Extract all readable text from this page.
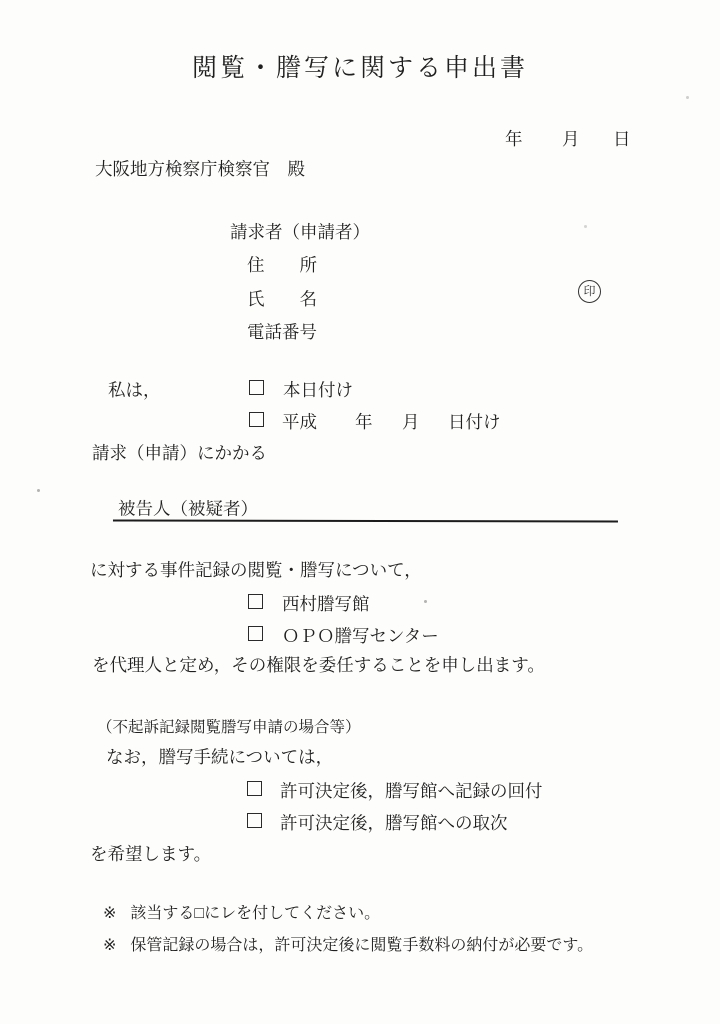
閲覧・謄写に関する申出書
年 月 日
大阪地方検察庁検察官　殿
請求者（申請者）
住　　所
氏　　名	印
電話番号
私は，	本日付け
平成 年 月 日付け
請求（申請）にかかる
被告人（被疑者）
に対する事件記録の閲覧・謄写について，
西村謄写館
ＯＰＯ謄写センター
を代理人と定め，その権限を委任することを申し出ます。
（不起訴記録閲覧謄写申請の場合等）
なお，謄写手続については，
許可決定後，謄写館へ記録の回付
許可決定後，謄写館への取次
を希望します。
※ 該当する□にレを付してください。
※ 保管記録の場合は，許可決定後に閲覧手数料の納付が必要です。
